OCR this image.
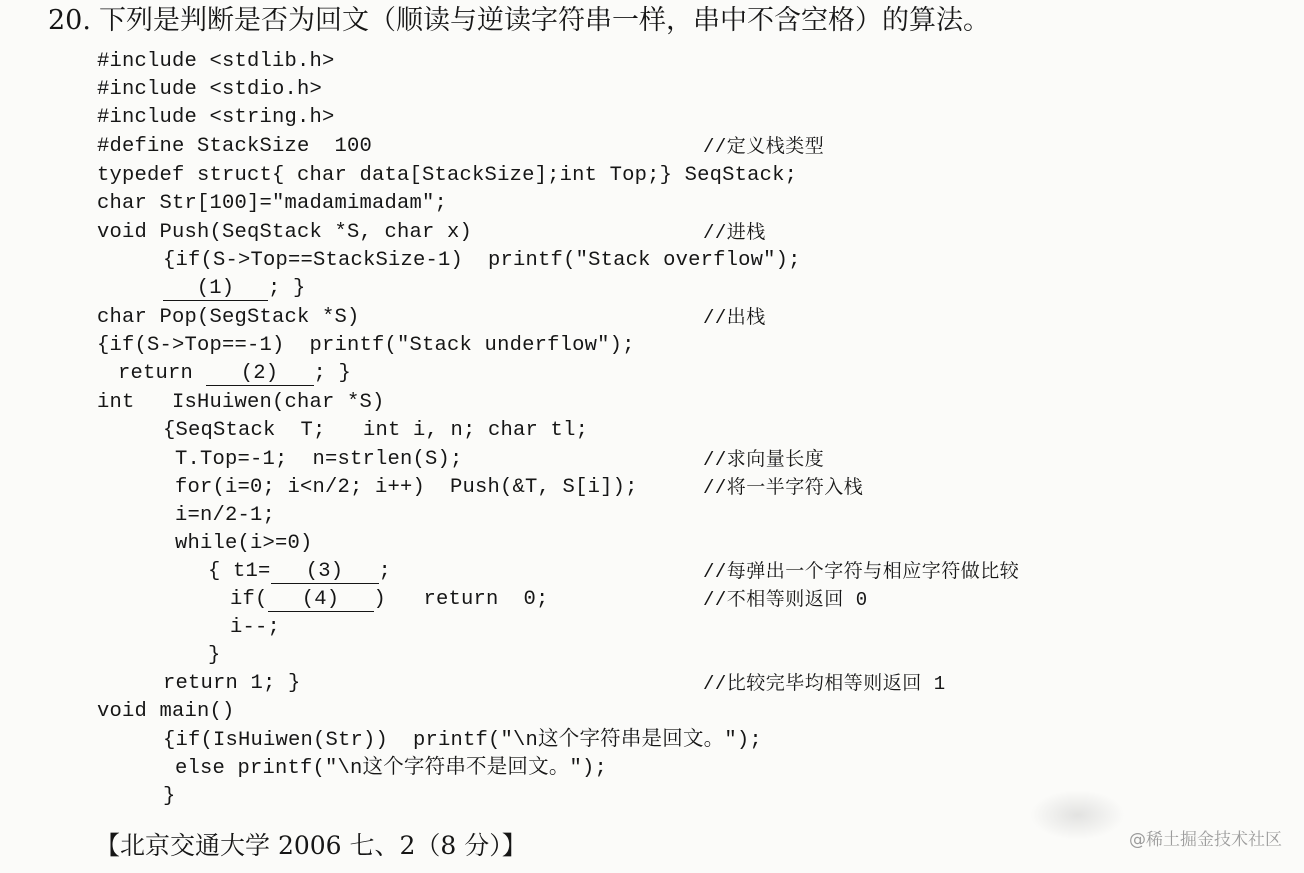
20. 下列是判断是否为回文（顺读与逆读字符串一样，串中不含空格）的算法。
#include <stdlib.h>
#include <stdio.h>
#include <string.h>
#define StackSize  100	//定义栈类型
typedef struct{ char data[StackSize];int Top;} SeqStack;
char Str[100]="madamimadam";
void Push(SeqStack *S, char x)	//进栈
{if(S->Top==StackSize-1)  printf("Stack overflow");
(1) ; }
char Pop(SegStack *S)	//出栈
{if(S->Top==-1)  printf("Stack underflow");
return (2) ; }
int   IsHuiwen(char *S)
{SeqStack  T;   int i, n; char tl;
T.Top=-1;  n=strlen(S);	//求向量长度
for(i=0; i<n/2; i++)  Push(&T, S[i]);	//将一半字符入栈
i=n/2-1;
while(i>=0)
{ t1= (3) ;	//每弹出一个字符与相应字符做比较
if( (4) )   return  0;	//不相等则返回 0
i--;
}
return 1; }	//比较完毕均相等则返回 1
void main()
{if(IsHuiwen(Str))  printf("\n这个字符串是回文。");
else printf("\n这个字符串不是回文。");
}
【北京交通大学 2006 七、2（8 分）】	@稀土掘金技术社区
